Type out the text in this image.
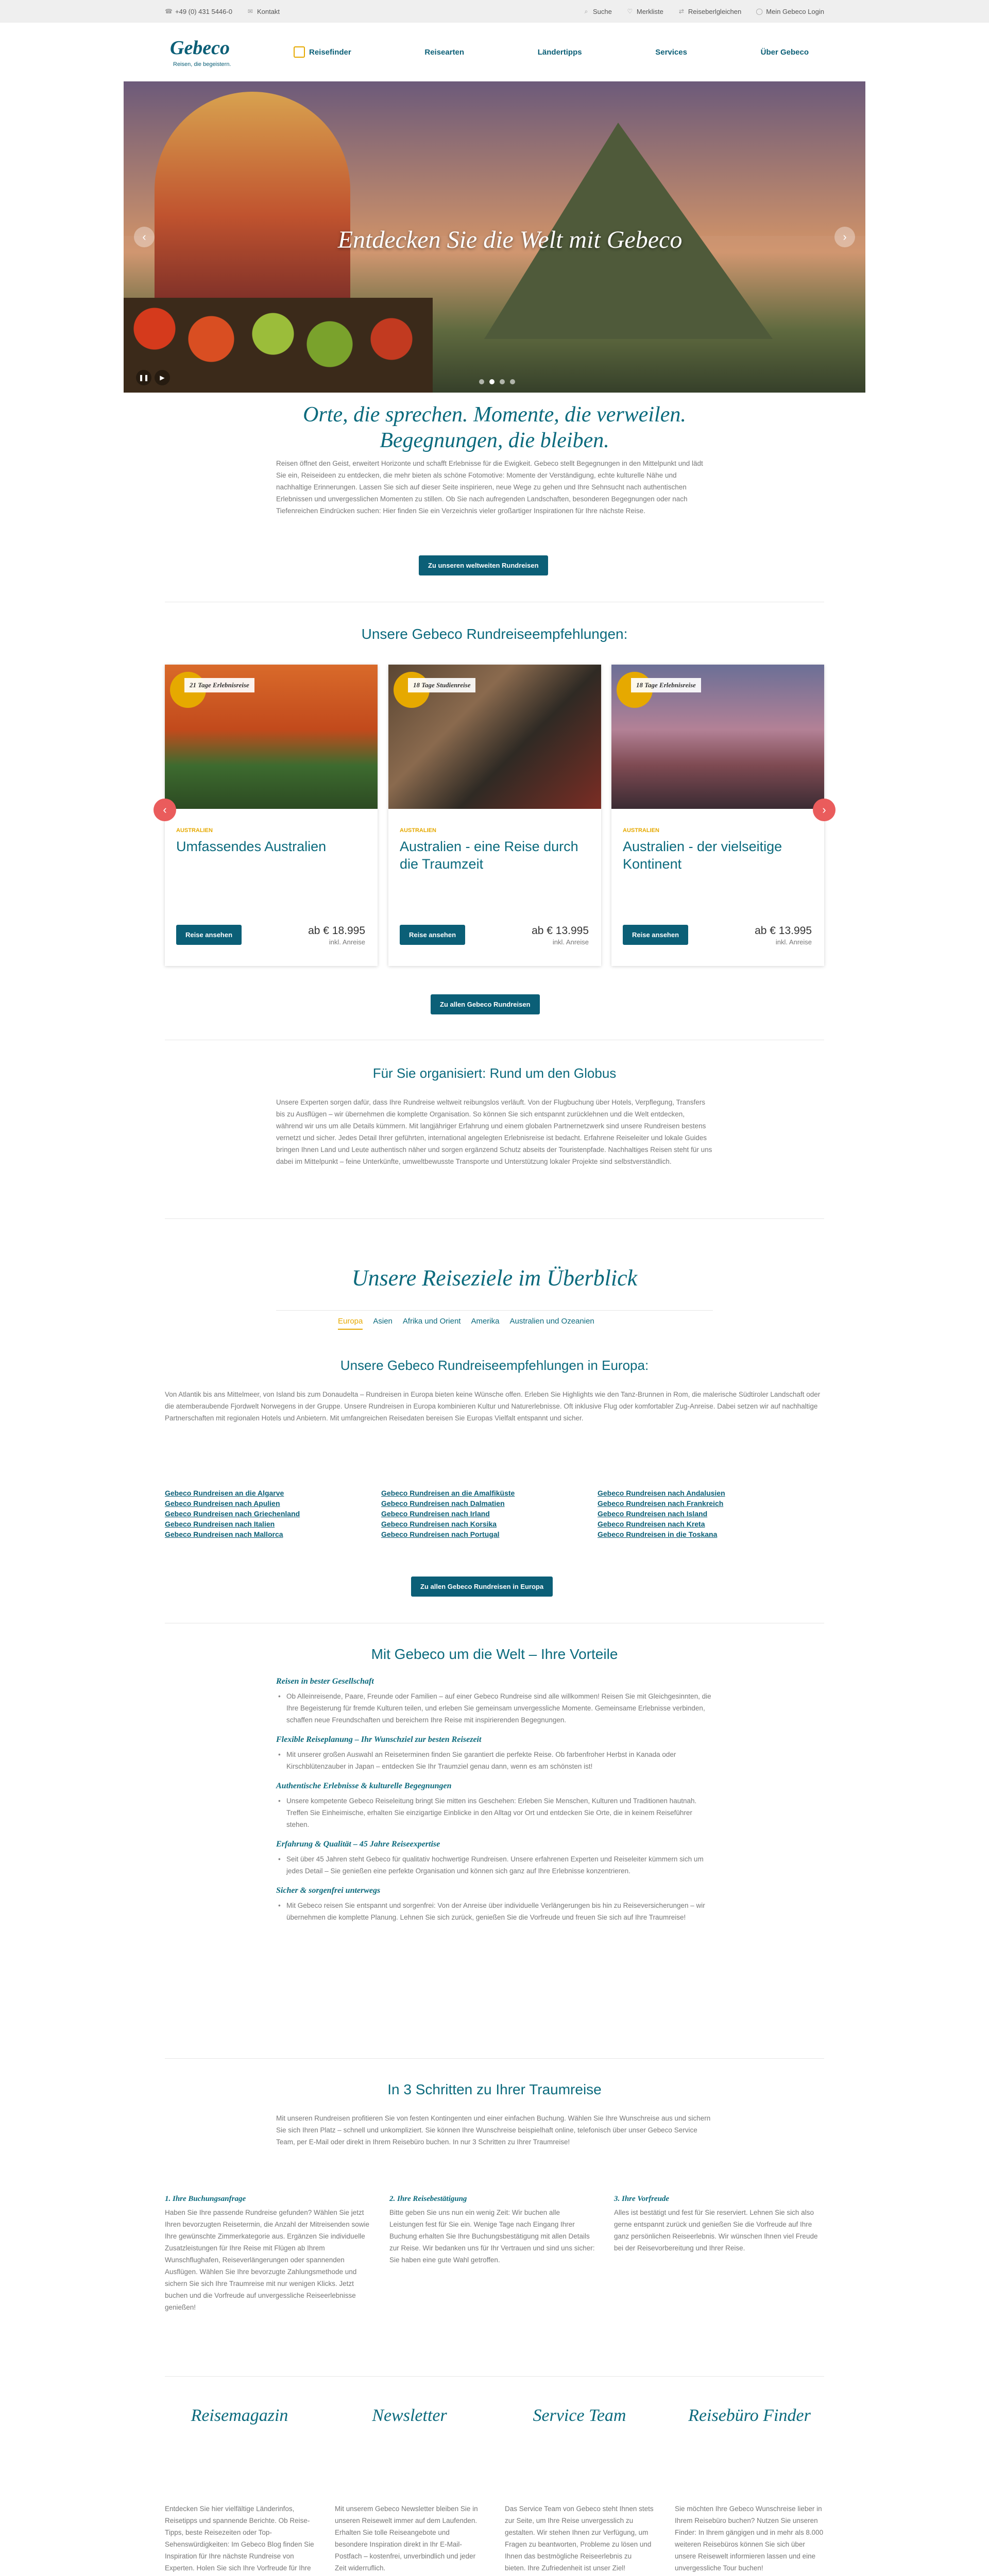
☎ +49 (0) 431 5446-0 ✉ Kontakt	⌕ Suche ♡ Merkliste ⇄ Reiseberlgleichen ◯ Mein Gebeco Login
Gebeco
Reisen, die begeistern.
Reisefinder	Reisearten	Ländertipps	Services	Über Gebeco
Entdecken Sie die Welt mit Gebeco
‹	›
❚❚	▶
Orte, die sprechen. Momente, die verweilen. Begegnungen, die bleiben.
Reisen öffnet den Geist, erweitert Horizonte und schafft Erlebnisse für die Ewigkeit. Gebeco stellt Begegnungen in den Mittelpunkt und lädt Sie ein, Reiseideen zu entdecken, die mehr bieten als schöne Fotomotive: Momente der Verständigung, echte kulturelle Nähe und nachhaltige Erinnerungen. Lassen Sie sich auf dieser Seite inspirieren, neue Wege zu gehen und Ihre Sehnsucht nach authentischen Erlebnissen und unvergesslichen Momenten zu stillen. Ob Sie nach aufregenden Landschaften, besonderen Begegnungen oder nach Tiefenreichen Eindrücken suchen: Hier finden Sie ein Verzeichnis vieler großartiger Inspirationen für Ihre nächste Reise.
Zu unseren weltweiten Rundreisen
Unsere Gebeco Rundreiseempfehlungen:
21 Tage Erlebnisreise
AUSTRALIEN
Umfassendes Australien
Reise ansehen	ab € 18.995
inkl. Anreise
18 Tage Studienreise
AUSTRALIEN
Australien - eine Reise durch die Traumzeit
Reise ansehen	ab € 13.995
inkl. Anreise
18 Tage Erlebnisreise
AUSTRALIEN
Australien - der vielseitige Kontinent
Reise ansehen	ab € 13.995
inkl. Anreise
‹	›
Zu allen Gebeco Rundreisen
Für Sie organisiert: Rund um den Globus
Unsere Experten sorgen dafür, dass Ihre Rundreise weltweit reibungslos verläuft. Von der Flugbuchung über Hotels, Verpflegung, Transfers bis zu Ausflügen – wir übernehmen die komplette Organisation. So können Sie sich entspannt zurücklehnen und die Welt entdecken, während wir uns um alle Details kümmern. Mit langjähriger Erfahrung und einem globalen Partnernetzwerk sind unsere Rundreisen bestens vernetzt und sicher. Jedes Detail Ihrer geführten, international angelegten Erlebnisreise ist bedacht. Erfahrene Reiseleiter und lokale Guides bringen Ihnen Land und Leute authentisch näher und sorgen ergänzend Schutz abseits der Touristenpfade. Nachhaltiges Reisen steht für uns dabei im Mittelpunkt – feine Unterkünfte, umweltbewusste Transporte und Unterstützung lokaler Projekte sind selbstverständlich.
Unsere Reiseziele im Überblick
Europa Asien Afrika und Orient Amerika Australien und Ozeanien
Unsere Gebeco Rundreiseempfehlungen in Europa:
Von Atlantik bis ans Mittelmeer, von Island bis zum Donaudelta – Rundreisen in Europa bieten keine Wünsche offen. Erleben Sie Highlights wie den Tanz-Brunnen in Rom, die malerische Südtiroler Landschaft oder die atemberaubende Fjordwelt Norwegens in der Gruppe. Unsere Rundreisen in Europa kombinieren Kultur und Naturerlebnisse. Oft inklusive Flug oder komfortabler Zug-Anreise. Dabei setzen wir auf nachhaltige Partnerschaften mit regionalen Hotels und Anbietern. Mit umfangreichen Reisedaten bereisen Sie Europas Vielfalt entspannt und sicher.
Gebeco Rundreisen an die Algarve	Gebeco Rundreisen an die Amalfiküste	Gebeco Rundreisen nach Andalusien
Gebeco Rundreisen nach Apulien	Gebeco Rundreisen nach Dalmatien	Gebeco Rundreisen nach Frankreich
Gebeco Rundreisen nach Griechenland	Gebeco Rundreisen nach Irland	Gebeco Rundreisen nach Island
Gebeco Rundreisen nach Italien	Gebeco Rundreisen nach Korsika	Gebeco Rundreisen nach Kreta
Gebeco Rundreisen nach Mallorca	Gebeco Rundreisen nach Portugal	Gebeco Rundreisen in die Toskana
Zu allen Gebeco Rundreisen in Europa
Mit Gebeco um die Welt – Ihre Vorteile
Reisen in bester Gesellschaft
• Ob Alleinreisende, Paare, Freunde oder Familien – auf einer Gebeco Rundreise sind alle willkommen! Reisen Sie mit Gleichgesinnten, die Ihre Begeisterung für fremde Kulturen teilen, und erleben Sie gemeinsam unvergessliche Momente. Gemeinsame Erlebnisse verbinden, schaffen neue Freundschaften und bereichern Ihre Reise mit inspirierenden Begegnungen.
Flexible Reiseplanung – Ihr Wunschziel zur besten Reisezeit
• Mit unserer großen Auswahl an Reiseterminen finden Sie garantiert die perfekte Reise. Ob farbenfroher Herbst in Kanada oder Kirschblütenzauber in Japan – entdecken Sie Ihr Traumziel genau dann, wenn es am schönsten ist!
Authentische Erlebnisse & kulturelle Begegnungen
• Unsere kompetente Gebeco Reiseleitung bringt Sie mitten ins Geschehen: Erleben Sie Menschen, Kulturen und Traditionen hautnah. Treffen Sie Einheimische, erhalten Sie einzigartige Einblicke in den Alltag vor Ort und entdecken Sie Orte, die in keinem Reiseführer stehen.
Erfahrung & Qualität – 45 Jahre Reiseexpertise
• Seit über 45 Jahren steht Gebeco für qualitativ hochwertige Rundreisen. Unsere erfahrenen Experten und Reiseleiter kümmern sich um jedes Detail – Sie genießen eine perfekte Organisation und können sich ganz auf Ihre Erlebnisse konzentrieren.
Sicher & sorgenfrei unterwegs
• Mit Gebeco reisen Sie entspannt und sorgenfrei: Von der Anreise über individuelle Verlängerungen bis hin zu Reiseversicherungen – wir übernehmen die komplette Planung. Lehnen Sie sich zurück, genießen Sie die Vorfreude und freuen Sie sich auf Ihre Traumreise!
In 3 Schritten zu Ihrer Traumreise
Mit unseren Rundreisen profitieren Sie von festen Kontingenten und einer einfachen Buchung. Wählen Sie Ihre Wunschreise aus und sichern Sie sich Ihren Platz – schnell und unkompliziert. Sie können Ihre Wunschreise beispielhaft online, telefonisch über unser Gebeco Service Team, per E-Mail oder direkt in Ihrem Reisebüro buchen. In nur 3 Schritten zu Ihrer Traumreise!
1. Ihre Buchungsanfrage
Haben Sie Ihre passende Rundreise gefunden? Wählen Sie jetzt Ihren bevorzugten Reisetermin, die Anzahl der Mitreisenden sowie Ihre gewünschte Zimmerkategorie aus. Ergänzen Sie individuelle Zusatzleistungen für Ihre Reise mit Flügen ab Ihrem Wunschflughafen, Reiseverlängerungen oder spannenden Ausflügen. Wählen Sie Ihre bevorzugte Zahlungsmethode und sichern Sie sich Ihre Traumreise mit nur wenigen Klicks. Jetzt buchen und die Vorfreude auf unvergessliche Reiseerlebnisse genießen!
2. Ihre Reisebestätigung
Bitte geben Sie uns nun ein wenig Zeit: Wir buchen alle Leistungen fest für Sie ein. Wenige Tage nach Eingang Ihrer Buchung erhalten Sie Ihre Buchungsbestätigung mit allen Details zur Reise. Wir bedanken uns für Ihr Vertrauen und sind uns sicher: Sie haben eine gute Wahl getroffen.
3. Ihre Vorfreude
Alles ist bestätigt und fest für Sie reserviert. Lehnen Sie sich also gerne entspannt zurück und genießen Sie die Vorfreude auf Ihre ganz persönlichen Reiseerlebnis. Wir wünschen Ihnen viel Freude bei der Reisevorbereitung und Ihrer Reise.
Reisemagazin
Entdecken Sie hier vielfältige Länderinfos, Reisetipps und spannende Berichte. Ob Reise-Tipps, beste Reisezeiten oder Top-Sehenswürdigkeiten: Im Gebeco Blog finden Sie Inspiration für Ihre nächste Rundreise von Experten. Holen Sie sich Ihre Vorfreude für Ihre
Newsletter
Mit unserem Gebeco Newsletter bleiben Sie in unseren Reisewelt immer auf dem Laufenden. Erhalten Sie tolle Reiseangebote und besondere Inspiration direkt in Ihr E-Mail-Postfach – kostenfrei, unverbindlich und jeder Zeit widerruflich.
Service Team
Das Service Team von Gebeco steht Ihnen stets zur Seite, um Ihre Reise unvergesslich zu gestalten. Wir stehen Ihnen zur Verfügung, um Fragen zu beantworten, Probleme zu lösen und Ihnen das bestmögliche Reiseerlebnis zu bieten. Ihre Zufriedenheit ist unser Ziel!
Reisebüro Finder
Sie möchten Ihre Gebeco Wunschreise lieber in Ihrem Reisebüro buchen? Nutzen Sie unseren Finder: In Ihrem gängigen und in mehr als 8.000 weiteren Reisebüros können Sie sich über unsere Reisewelt informieren lassen und eine unvergessliche Tour buchen!
